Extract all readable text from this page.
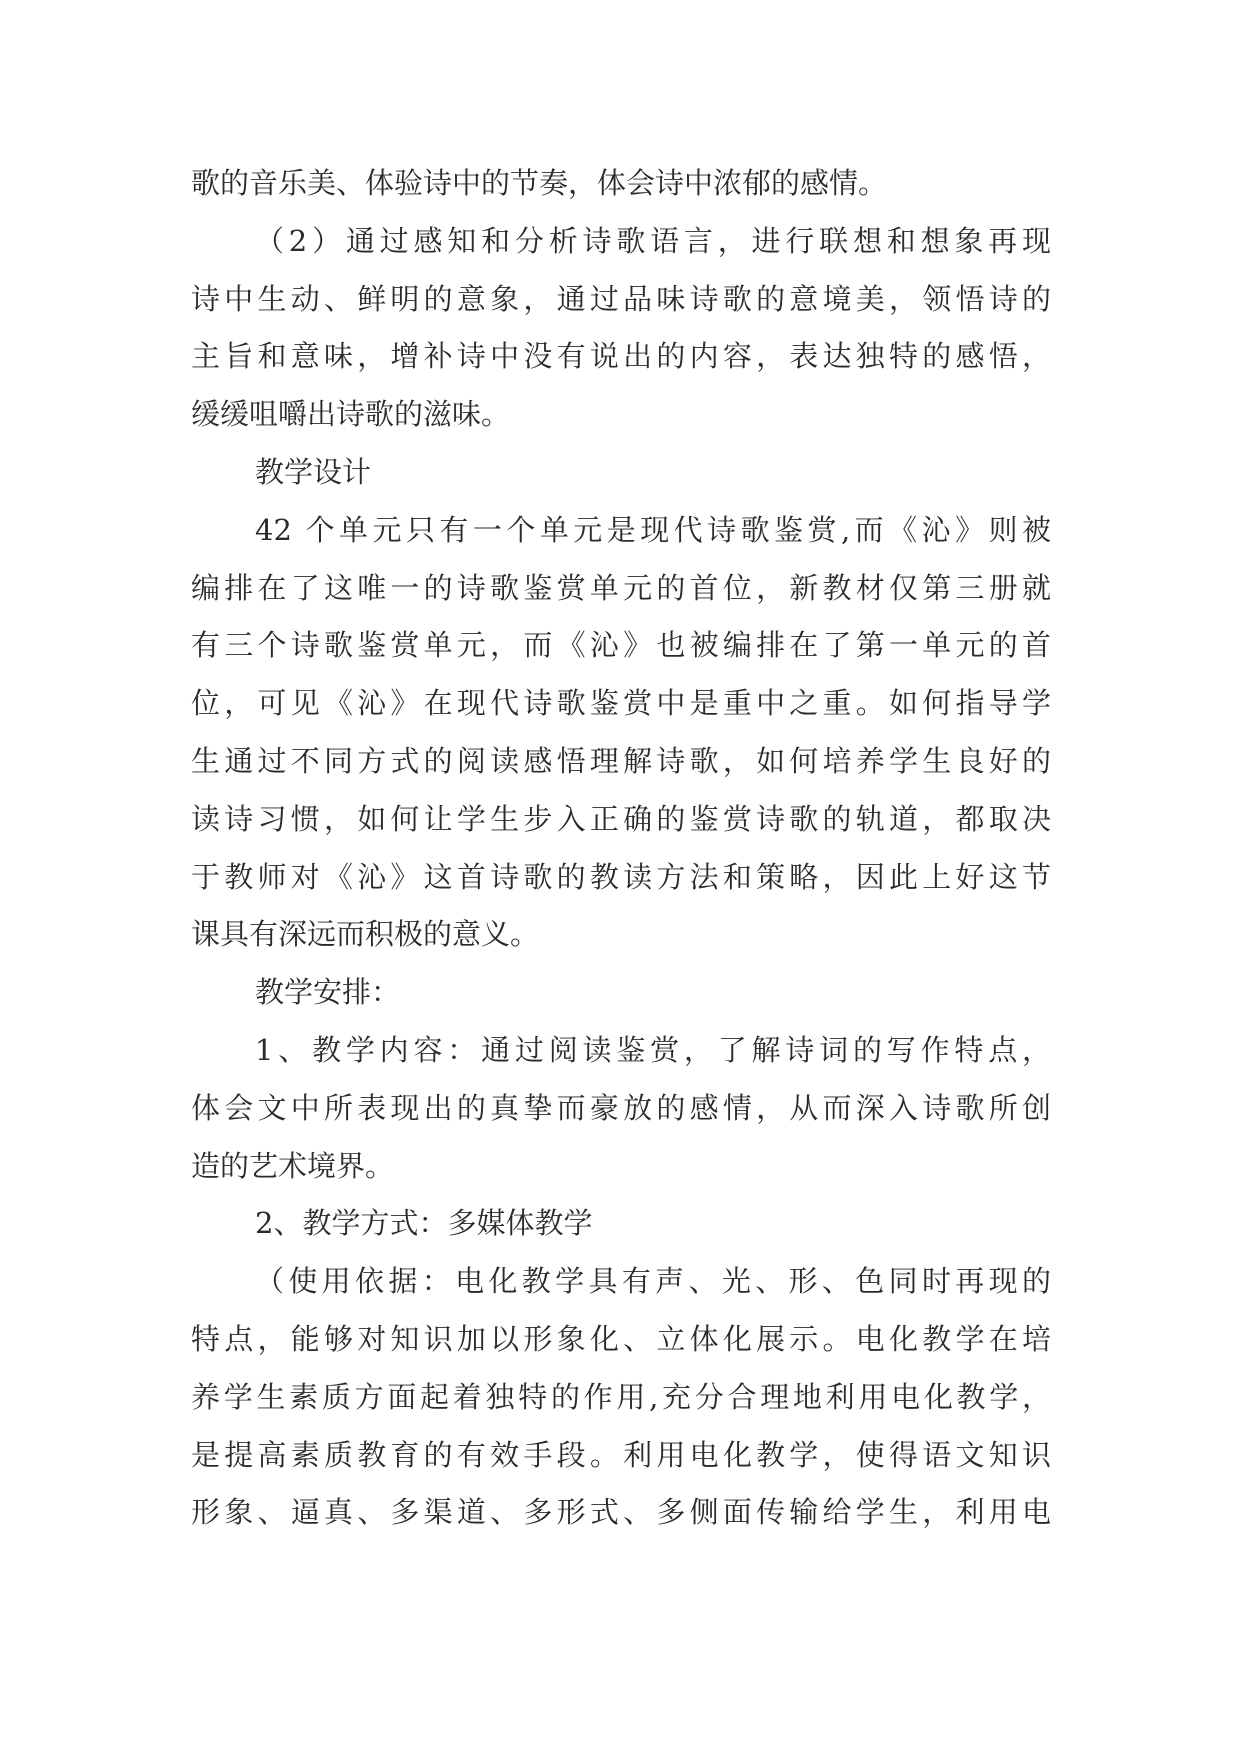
歌的音乐美、体验诗中的节奏，体会诗中浓郁的感情。
（2）通过感知和分析诗歌语言，进行联想和想象再现
诗中生动、鲜明的意象，通过品味诗歌的意境美，领悟诗的
主旨和意味，增补诗中没有说出的内容，表达独特的感悟，
缓缓咀嚼出诗歌的滋味。
教学设计
42 个单元只有一个单元是现代诗歌鉴赏,而《沁》则被
编排在了这唯一的诗歌鉴赏单元的首位，新教材仅第三册就
有三个诗歌鉴赏单元，而《沁》也被编排在了第一单元的首
位，可见《沁》在现代诗歌鉴赏中是重中之重。如何指导学
生通过不同方式的阅读感悟理解诗歌，如何培养学生良好的
读诗习惯，如何让学生步入正确的鉴赏诗歌的轨道，都取决
于教师对《沁》这首诗歌的教读方法和策略，因此上好这节
课具有深远而积极的意义。
教学安排：
1、教学内容：通过阅读鉴赏，了解诗词的写作特点，
体会文中所表现出的真挚而豪放的感情，从而深入诗歌所创
造的艺术境界。
2、教学方式：多媒体教学
（使用依据：电化教学具有声、光、形、色同时再现的
特点，能够对知识加以形象化、立体化展示。电化教学在培
养学生素质方面起着独特的作用,充分合理地利用电化教学，
是提高素质教育的有效手段。利用电化教学，使得语文知识
形象、逼真、多渠道、多形式、多侧面传输给学生，利用电
